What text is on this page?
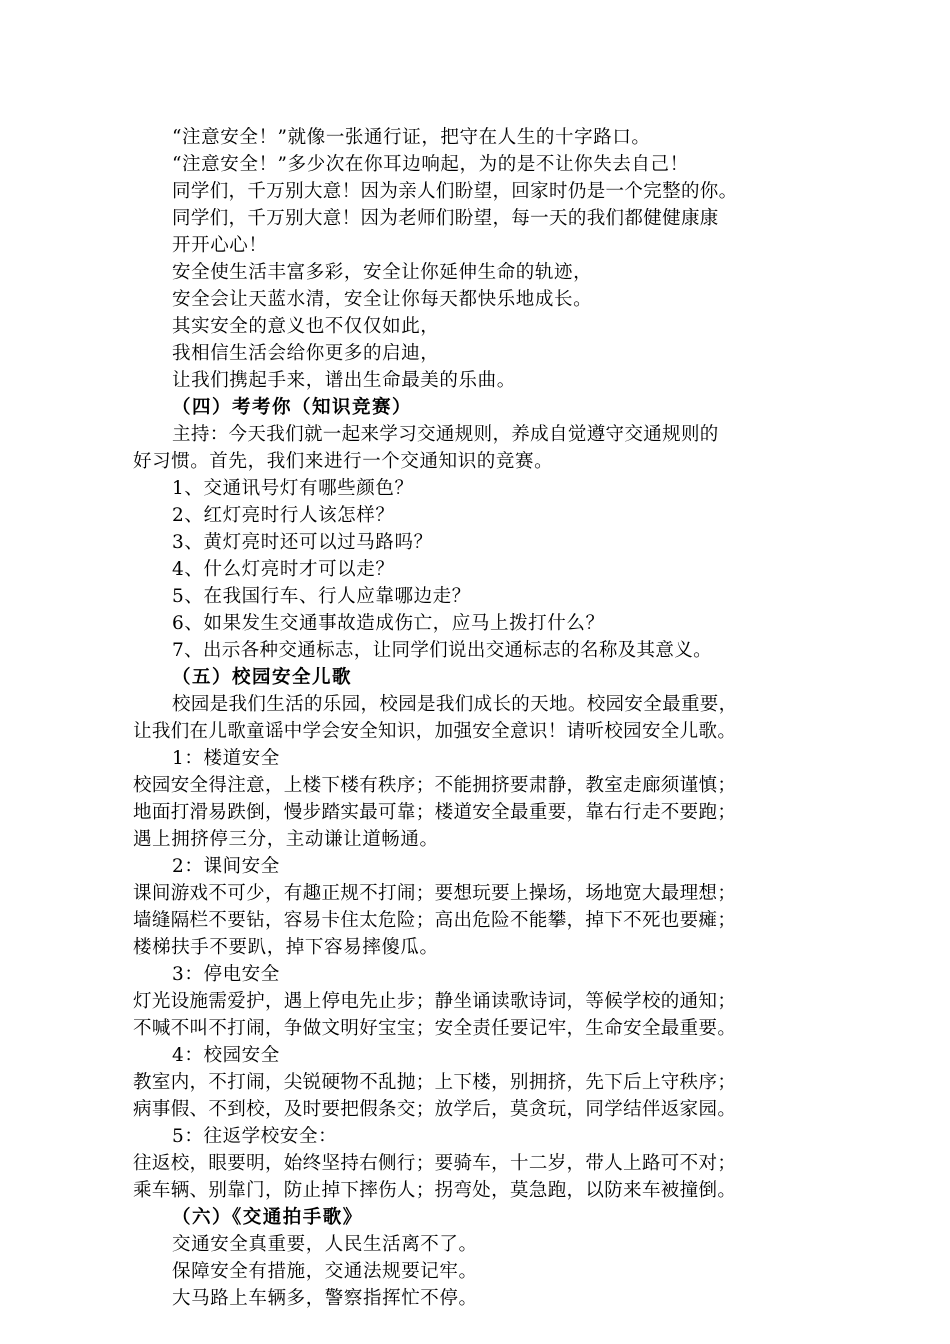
“注意安全！”就像一张通行证，把守在人生的十字路口。

“注意安全！”多少次在你耳边响起，为的是不让你失去自己！

同学们，千万别大意！因为亲人们盼望，回家时仍是一个完整的你。

同学们，千万别大意！因为老师们盼望，每一天的我们都健健康康

开开心心！

安全使生活丰富多彩，安全让你延伸生命的轨迹，

安全会让天蓝水清，安全让你每天都快乐地成长。

其实安全的意义也不仅仅如此，

我相信生活会给你更多的启迪，

让我们携起手来，谱出生命最美的乐曲。

（四）考考你（知识竞赛）

主持：今天我们就一起来学习交通规则，养成自觉遵守交通规则的

好习惯。首先，我们来进行一个交通知识的竞赛。

1、交通讯号灯有哪些颜色？

2、红灯亮时行人该怎样？

3、黄灯亮时还可以过马路吗？

4、什么灯亮时才可以走？

5、在我国行车、行人应靠哪边走？

6、如果发生交通事故造成伤亡，应马上拨打什么？

7、出示各种交通标志，让同学们说出交通标志的名称及其意义。

（五）校园安全儿歌

校园是我们生活的乐园，校园是我们成长的天地。校园安全最重要，

让我们在儿歌童谣中学会安全知识，加强安全意识！请听校园安全儿歌。

1：楼道安全

校园安全得注意，上楼下楼有秩序；不能拥挤要肃静，教室走廊须谨慎；

地面打滑易跌倒，慢步踏实最可靠；楼道安全最重要，靠右行走不要跑；

遇上拥挤停三分，主动谦让道畅通。

2：课间安全

课间游戏不可少，有趣正规不打闹；要想玩要上操场，场地宽大最理想；

墙缝隔栏不要钻，容易卡住太危险；高出危险不能攀，掉下不死也要瘫；

楼梯扶手不要趴，掉下容易摔傻瓜。

3：停电安全

灯光设施需爱护，遇上停电先止步；静坐诵读歌诗词，等候学校的通知；

不喊不叫不打闹，争做文明好宝宝；安全责任要记牢，生命安全最重要。

4：校园安全

教室内，不打闹，尖锐硬物不乱抛；上下楼，别拥挤，先下后上守秩序；

病事假、不到校，及时要把假条交；放学后，莫贪玩，同学结伴返家园。

5：往返学校安全：

往返校，眼要明，始终坚持右侧行；要骑车，十二岁，带人上路可不对；

乘车辆、别靠门，防止掉下摔伤人；拐弯处，莫急跑，以防来车被撞倒。

（六）《交通拍手歌》

交通安全真重要，人民生活离不了。

保障安全有措施，交通法规要记牢。

大马路上车辆多，警察指挥忙不停。
